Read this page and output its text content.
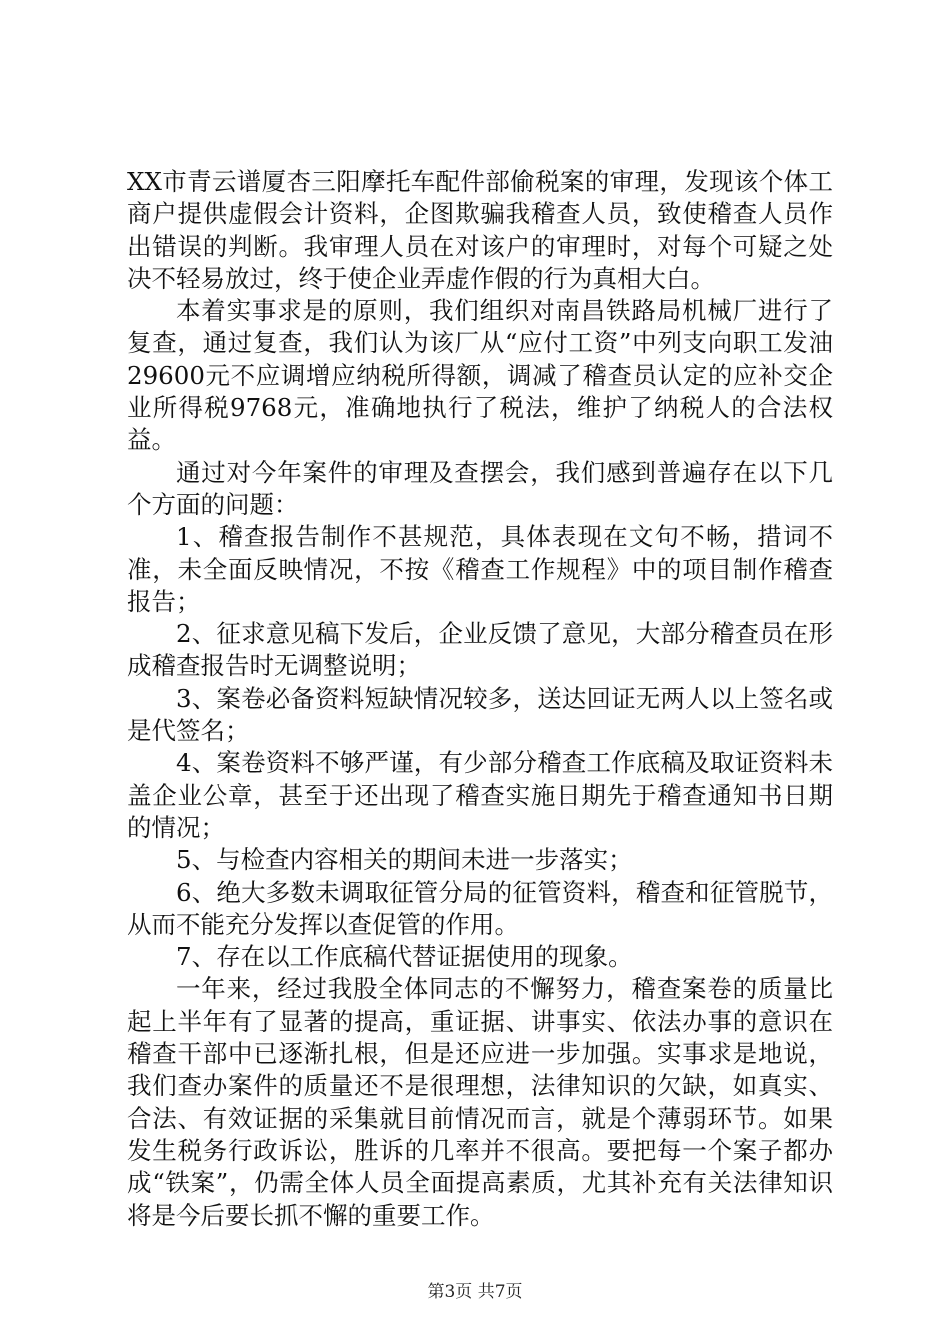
XX市青云谱厦杏三阳摩托车配件部偷税案的审理，发现该个体工商户提供虚假会计资料，企图欺骗我稽查人员，致使稽查人员作出错误的判断。我审理人员在对该户的审理时，对每个可疑之处决不轻易放过，终于使企业弄虚作假的行为真相大白。

本着实事求是的原则，我们组织对南昌铁路局机械厂进行了复查，通过复查，我们认为该厂从“应付工资”中列支向职工发油29600元不应调增应纳税所得额，调减了稽查员认定的应补交企业所得税9768元，准确地执行了税法，维护了纳税人的合法权益。

通过对今年案件的审理及查摆会，我们感到普遍存在以下几个方面的问题：

1、稽查报告制作不甚规范，具体表现在文句不畅，措词不准，未全面反映情况，不按《稽查工作规程》中的项目制作稽查报告；

2、征求意见稿下发后，企业反馈了意见，大部分稽查员在形成稽查报告时无调整说明；

3、案卷必备资料短缺情况较多，送达回证无两人以上签名或是代签名；

4、案卷资料不够严谨，有少部分稽查工作底稿及取证资料未盖企业公章，甚至于还出现了稽查实施日期先于稽查通知书日期的情况；

5、与检查内容相关的期间未进一步落实；

6、绝大多数未调取征管分局的征管资料，稽查和征管脱节，从而不能充分发挥以查促管的作用。

7、存在以工作底稿代替证据使用的现象。

一年来，经过我股全体同志的不懈努力，稽查案卷的质量比起上半年有了显著的提高，重证据、讲事实、依法办事的意识在稽查干部中已逐渐扎根，但是还应进一步加强。实事求是地说，我们查办案件的质量还不是很理想，法律知识的欠缺，如真实、合法、有效证据的采集就目前情况而言，就是个薄弱环节。如果发生税务行政诉讼，胜诉的几率并不很高。要把每一个案子都办成“铁案”，仍需全体人员全面提高素质，尤其补充有关法律知识将是今后要长抓不懈的重要工作。

第3页 共7页
